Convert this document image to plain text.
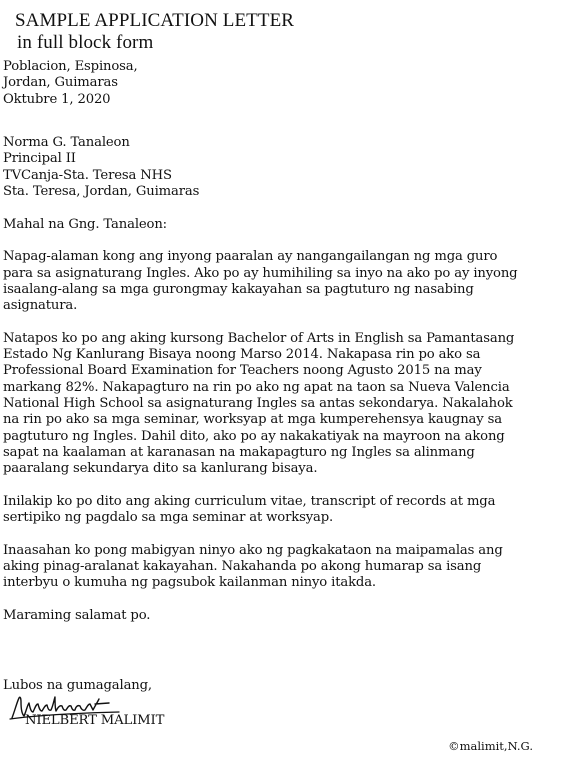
SAMPLE APPLICATION LETTER
in full block form
Poblacion, Espinosa,
Jordan, Guimaras
Oktubre 1, 2020
Norma G. Tanaleon
Principal II
TVCanja-Sta. Teresa NHS
Sta. Teresa, Jordan, Guimaras
Mahal na Gng. Tanaleon:
Napag-alaman kong ang inyong paaralan ay nangangailangan ng mga guro
para sa asignaturang Ingles. Ako po ay humihiling sa inyo na ako po ay inyong
isaalang-alang sa mga gurongmay kakayahan sa pagtuturo ng nasabing
asignatura.
Natapos ko po ang aking kursong Bachelor of Arts in English sa Pamantasang
Estado Ng Kanlurang Bisaya noong Marso 2014. Nakapasa rin po ako sa
Professional Board Examination for Teachers noong Agusto 2015 na may
markang 82%. Nakapagturo na rin po ako ng apat na taon sa Nueva Valencia
National High School sa asignaturang Ingles sa antas sekondarya. Nakalahok
na rin po ako sa mga seminar, worksyap at mga kumperehensya kaugnay sa
pagtuturo ng Ingles. Dahil dito, ako po ay nakakatiyak na mayroon na akong
sapat na kaalaman at karanasan na makapagturo ng Ingles sa alinmang
paaralang sekundarya dito sa kanlurang bisaya.
Inilakip ko po dito ang aking curriculum vitae, transcript of records at mga
sertipiko ng pagdalo sa mga seminar at worksyap.
Inaasahan ko pong mabigyan ninyo ako ng pagkakataon na maipamalas ang
aking pinag-aralanat kakayahan. Nakahanda po akong humarap sa isang
interbyu o kumuha ng pagsubok kailanman ninyo itakda.
Maraming salamat po.
Lubos na gumagalang,
NIELBERT MALIMIT
©malimit,N.G.
